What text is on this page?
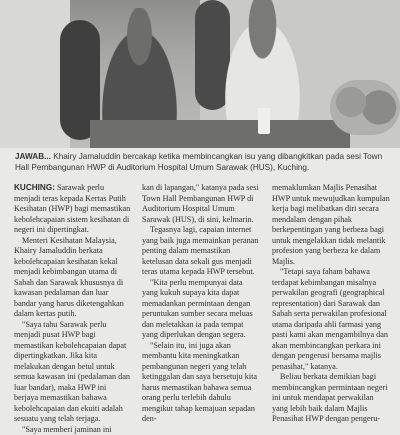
JAWAB... Khairy Jamaluddin bercakap ketika membincangkan isu yang dibangkitkan pada sesi Town Hall Pembangunan HWP di Auditorium Hospital Umum Sarawak (HUS), Kuching.

KUCHING: Sarawak perlu menjadi teras kepada Kertas Putih Kesihatan (HWP) bagi memastikan kebolehcapaian sistem kesihatan di negeri ini dipertingkat.

Menteri Kesihatan Malaysia, Khairy Jamaluddin berkata kebolehcapaian kesihatan kekal menjadi kebimbangan utama di Sabah dan Sarawak khususnya di kawasan pedalaman dan luar bandar yang harus diketengahkan dalam kertas putih.

"Saya tahu Sarawak perlu menjadi pusat HWP bagi memastikan kebolehcapaian dapat dipertingkatkan. Jika kita melakukan dengan betul untuk semua kawasan ini (pedalaman dan luar bandar), maka HWP ini berjaya memastikan bahawa kebolehcapaian dan ekuiti adalah sesuatu yang telah terjaga.

"Saya memberi jaminan ini

kan di lapangan," katanya pada sesi Town Hall Pembangunan HWP di Auditorium Hospital Umum Sarawak (HUS), di sini, kelmarin.

Tegasnya lagi, capaian internet yang baik juga memainkan peranan penting dalam memastikan ketelusan data sekali gus menjadi teras utama kepada HWP tersebut.

"Kita perlu mempunyai data yang kukuh supaya kita dapat memadankan permintaan dengan peruntukan sumber secara meluas dan meletakkan ia pada tempat yang diperlukan dengan segera.

"Selain itu, ini juga akan membantu kita meningkatkan pembangunan negeri yang telah ketinggalan dan saya bersetuju kita harus memastikan bahawa semua orang perlu terlebih dahulu mengikut tahap kemajuan sepadan den-

memaklumkan Majlis Penasihat HWP untuk mewujudkan kumpulan kerja bagi melibatkan diri secara mendalam dengan pihak berkepentingan yang berbeza bagi untuk mengelakkan tidak melantik profesion yang berbeza ke dalam Majlis.

"Tetapi saya faham bahawa terdapat kebimbangan misalnya perwakilan geografi (geographical representation) dari Sarawak dan Sabah serta perwakilan profesional utama daripada ahli farmasi yang pasti kami akan mengambilnya dan akan membincangkan perkara ini dengan pengerusi bersama majlis penasihat," katanya.

Beliau berkata demikian bagi membincangkan permintaan negeri ini untuk mendapat perwakilan yang lebih baik dalam Majlis Penasihat HWP dengan pengeru-
